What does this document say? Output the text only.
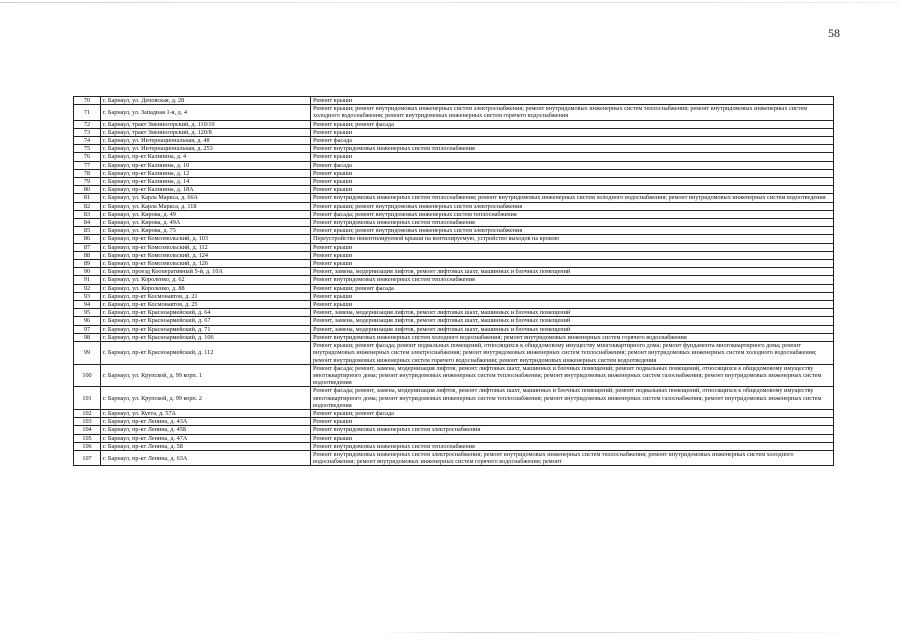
58
70	г. Барнаул, ул. Деповская, д. 28	Ремонт крыши
71	г. Барнаул, ул. Западная 1-я, д. 4	Ремонт крыши; ремонт внутридомовых инженерных систем электроснабжения; ремонт внутридомовых инженерных систем теплоснабжения; ремонт внутридомовых инженерных систем холодного водоснабжения; ремонт внутридомовых инженерных систем горячего водоснабжения
72	г. Барнаул, тракт Змеиногорский, д. 110/10	Ремонт крыши; ремонт фасада
73	г. Барнаул, тракт Змеиногорский, д. 120/8	Ремонт крыши
74	г. Барнаул, ул. Интернациональная, д. 48	Ремонт фасада
75	г. Барнаул, ул. Интернациональная, д. 253	Ремонт внутридомовых инженерных систем теплоснабжения
76	г. Барнаул, пр-кт Калинина, д. 4	Ремонт крыши
77	г. Барнаул, пр-кт Калинина, д. 10	Ремонт фасада
78	г. Барнаул, пр-кт Калинина, д. 12	Ремонт крыши
79	г. Барнаул, пр-кт Калинина, д. 14	Ремонт крыши
80	г. Барнаул, пр-кт Калинина, д. 18А	Ремонт крыши
81	г. Барнаул, ул. Карла Маркса, д. 66А	Ремонт внутридомовых инженерных систем теплоснабжения; ремонт внутридомовых инженерных систем холодного водоснабжения; ремонт внутридомовых инженерных систем водоотведения
82	г. Барнаул, ул. Карла Маркса, д. 118	Ремонт крыши; ремонт внутридомовых инженерных систем электроснабжения
83	г. Барнаул, ул. Кирова, д. 49	Ремонт фасада; ремонт внутридомовых инженерных систем теплоснабжения
84	г. Барнаул, ул. Кирова, д. 49А	Ремонт внутридомовых инженерных систем теплоснабжения
85	г. Барнаул, ул. Кирова, д. 75	Ремонт крыши; ремонт внутридомовых инженерных систем электроснабжения
86	г. Барнаул, пр-кт Комсомольский, д. 103	Переустройство невентилируемой крыши на вентилируемую, устройство выходов на кровлю
87	г. Барнаул, пр-кт Комсомольский, д. 112	Ремонт крыши
88	г. Барнаул, пр-кт Комсомольский, д. 124	Ремонт крыши
89	г. Барнаул, пр-кт Комсомольский, д. 126	Ремонт крыши
90	г. Барнаул, проезд Кооперативный 5-й, д. 10А	Ремонт, замена, модернизация лифтов, ремонт лифтовых шахт, машинных и блочных помещений
91	г. Барнаул, ул. Короленко, д. 62	Ремонт внутридомовых инженерных систем теплоснабжения
92	г. Барнаул, ул. Короленко, д. 88	Ремонт крыши; ремонт фасада
93	г. Барнаул, пр-кт Космонавтов, д. 21	Ремонт крыши
94	г. Барнаул, пр-кт Космонавтов, д. 25	Ремонт крыши
95	г. Барнаул, пр-кт Красноармейский, д. 64	Ремонт, замена, модернизация лифтов, ремонт лифтовых шахт, машинных и блочных помещений
96	г. Барнаул, пр-кт Красноармейский, д. 67	Ремонт, замена, модернизация лифтов, ремонт лифтовых шахт, машинных и блочных помещений
97	г. Барнаул, пр-кт Красноармейский, д. 71	Ремонт, замена, модернизация лифтов, ремонт лифтовых шахт, машинных и блочных помещений
98	г. Барнаул, пр-кт Красноармейский, д. 106	Ремонт внутридомовых инженерных систем холодного водоснабжения; ремонт внутридомовых инженерных систем горячего водоснабжения
99	г. Барнаул, пр-кт Красноармейский, д. 112	Ремонт крыши; ремонт фасада; ремонт подвальных помещений, относящихся к общедомовому имуществу многоквартирного дома; ремонт фундамента многоквартирного дома; ремонт внутридомовых инженерных систем электроснабжения; ремонт внутридомовых инженерных систем теплоснабжения; ремонт внутридомовых инженерных систем холодного водоснабжения; ремонт внутридомовых инженерных систем горячего водоснабжения; ремонт внутридомовых инженерных систем водоотведения
100	г. Барнаул, ул. Крупской, д. 99 корп. 1	Ремонт фасада; ремонт, замена, модернизация лифтов, ремонт лифтовых шахт, машинных и блочных помещений; ремонт подвальных помещений, относящихся к общедомовому имуществу многоквартирного дома; ремонт внутридомовых инженерных систем теплоснабжения; ремонт внутридомовых инженерных систем газоснабжения; ремонт внутридомовых инженерных систем водоотведения
101	г. Барнаул, ул. Крупской, д. 99 корп. 2	Ремонт фасада; ремонт, замена, модернизация лифтов, ремонт лифтовых шахт, машинных и блочных помещений; ремонт подвальных помещений, относящихся к общедомовому имуществу многоквартирного дома; ремонт внутридомовых инженерных систем теплоснабжения; ремонт внутридомовых инженерных систем газоснабжения; ремонт внутридомовых инженерных систем водоотведения
102	г. Барнаул, ул. Куета, д. 57А	Ремонт крыши; ремонт фасада
103	г. Барнаул, пр-кт Ленина, д. 43А	Ремонт крыши
104	г. Барнаул, пр-кт Ленина, д. 45Б	Ремонт внутридомовых инженерных систем электроснабжения
105	г. Барнаул, пр-кт Ленина, д. 47А	Ремонт крыши
106	г. Барнаул, пр-кт Ленина, д. 58	Ремонт внутридомовых инженерных систем теплоснабжения
107	г. Барнаул, пр-кт Ленина, д. 63А	Ремонт внутридомовых инженерных систем электроснабжения; ремонт внутридомовых инженерных систем теплоснабжения; ремонт внутридомовых инженерных систем холодного водоснабжения; ремонт внутридомовых инженерных систем горячего водоснабжения; ремонт
